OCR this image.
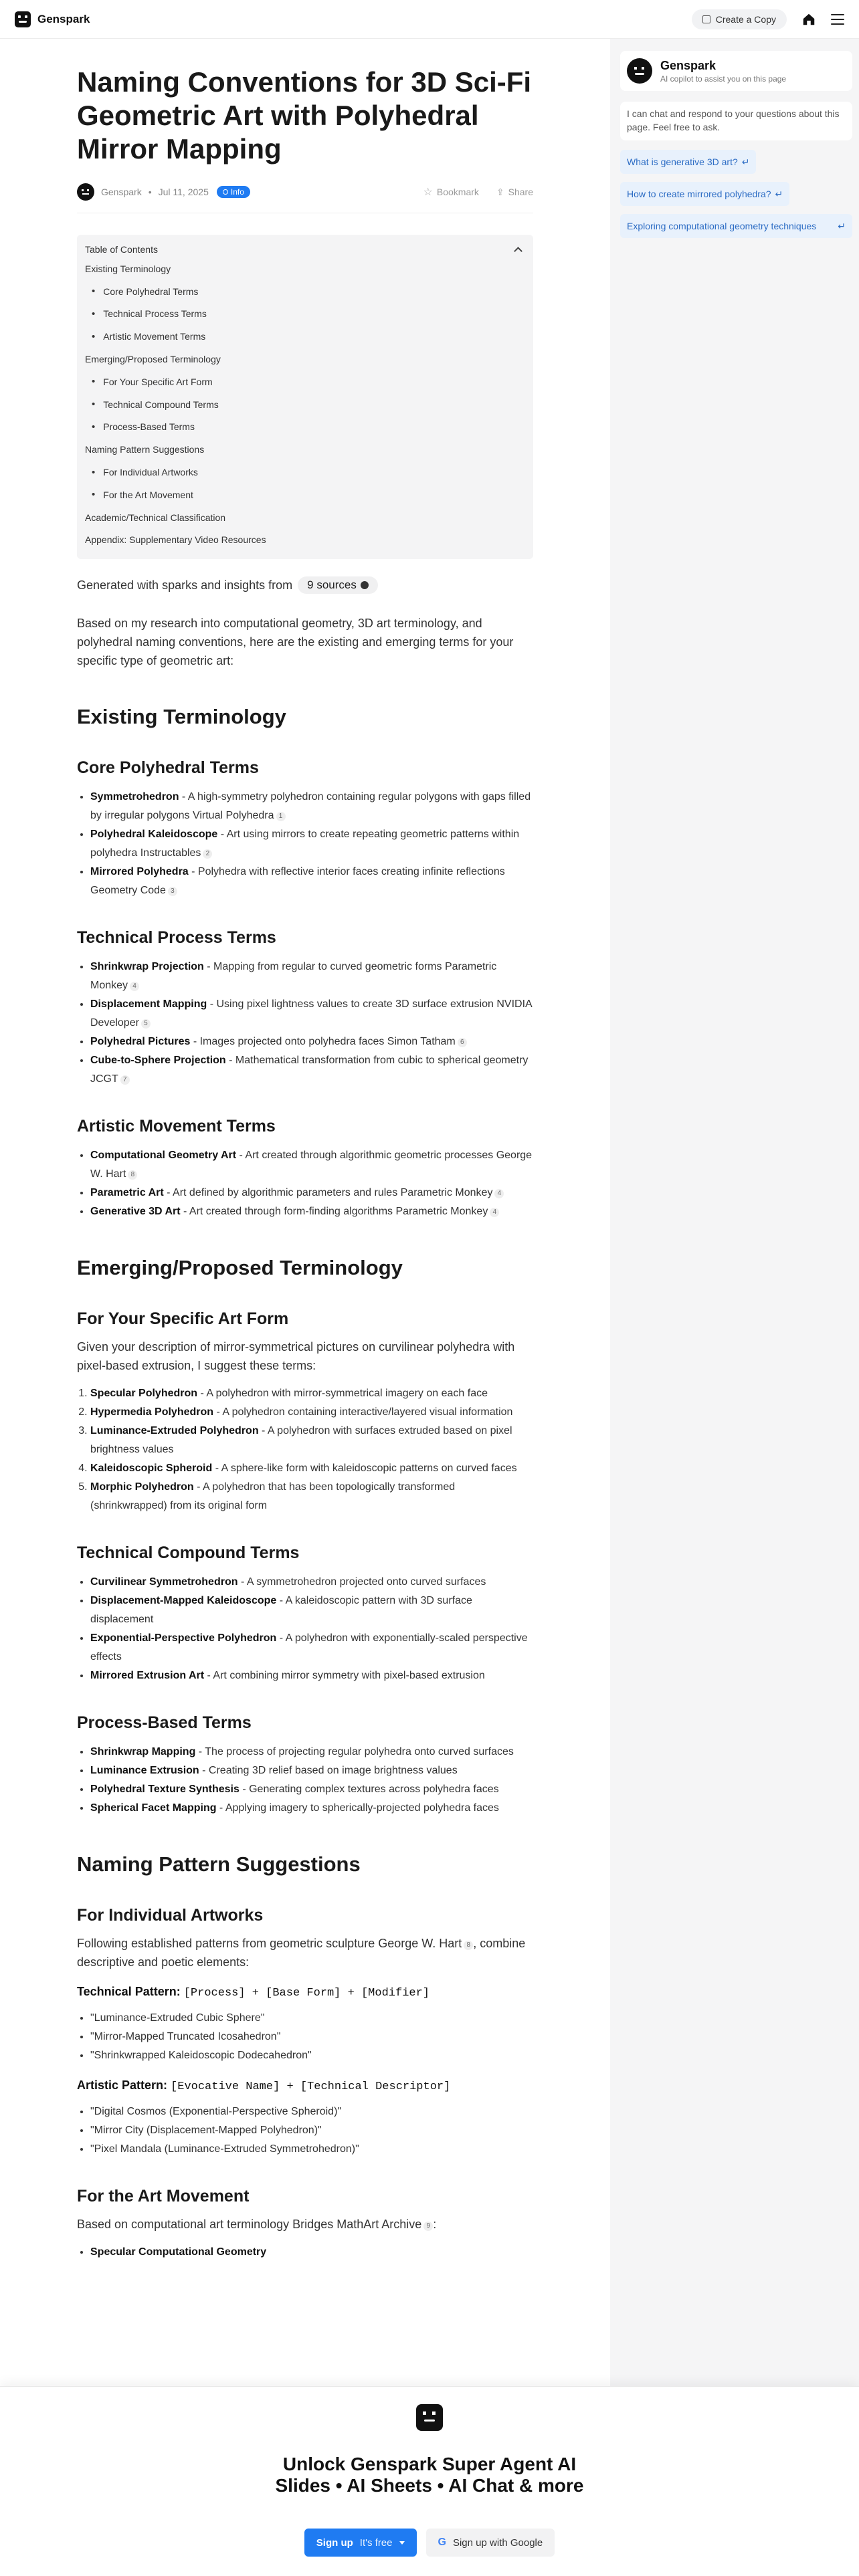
Genspark	Create a Copy
Naming Conventions for 3D Sci-Fi Geometric Art with Polyhedral Mirror Mapping
Genspark • Jul 11, 2025	Info	☆ Bookmark ⇪ Share
Table of Contents
Existing Terminology
• Core Polyhedral Terms
• Technical Process Terms
• Artistic Movement Terms
Emerging/Proposed Terminology
• For Your Specific Art Form
• Technical Compound Terms
• Process-Based Terms
Naming Pattern Suggestions
• For Individual Artworks
• For the Art Movement
Academic/Technical Classification
Appendix: Supplementary Video Resources
Generated with sparks and insights from 9 sources

Based on my research into computational geometry, 3D art terminology, and polyhedral naming conventions, here are the existing and emerging terms for your specific type of geometric art:

Existing Terminology
Core Polyhedral Terms
• Symmetrohedron - A high-symmetry polyhedron containing regular polygons with gaps filled by irregular polygons Virtual Polyhedra 1
• Polyhedral Kaleidoscope - Art using mirrors to create repeating geometric patterns within polyhedra Instructables 2
• Mirrored Polyhedra - Polyhedra with reflective interior faces creating infinite reflections Geometry Code 3
Technical Process Terms
• Shrinkwrap Projection - Mapping from regular to curved geometric forms Parametric Monkey 4
• Displacement Mapping - Using pixel lightness values to create 3D surface extrusion NVIDIA Developer 5
• Polyhedral Pictures - Images projected onto polyhedra faces Simon Tatham 6
• Cube-to-Sphere Projection - Mathematical transformation from cubic to spherical geometry JCGT 7
Artistic Movement Terms
• Computational Geometry Art - Art created through algorithmic geometric processes George W. Hart 8
• Parametric Art - Art defined by algorithmic parameters and rules Parametric Monkey 4
• Generative 3D Art - Art created through form-finding algorithms Parametric Monkey 4
Emerging/Proposed Terminology
For Your Specific Art Form

Given your description of mirror-symmetrical pictures on curvilinear polyhedra with pixel-based extrusion, I suggest these terms:

1. Specular Polyhedron - A polyhedron with mirror-symmetrical imagery on each face
2. Hypermedia Polyhedron - A polyhedron containing interactive/layered visual information
3. Luminance-Extruded Polyhedron - A polyhedron with surfaces extruded based on pixel brightness values
4. Kaleidoscopic Spheroid - A sphere-like form with kaleidoscopic patterns on curved faces
5. Morphic Polyhedron - A polyhedron that has been topologically transformed (shrinkwrapped) from its original form
Technical Compound Terms
• Curvilinear Symmetrohedron - A symmetrohedron projected onto curved surfaces
• Displacement-Mapped Kaleidoscope - A kaleidoscopic pattern with 3D surface displacement
• Exponential-Perspective Polyhedron - A polyhedron with exponentially-scaled perspective effects
• Mirrored Extrusion Art - Art combining mirror symmetry with pixel-based extrusion
Process-Based Terms
• Shrinkwrap Mapping - The process of projecting regular polyhedra onto curved surfaces
• Luminance Extrusion - Creating 3D relief based on image brightness values
• Polyhedral Texture Synthesis - Generating complex textures across polyhedra faces
• Spherical Facet Mapping - Applying imagery to spherically-projected polyhedra faces
Naming Pattern Suggestions
For Individual Artworks

Following established patterns from geometric sculpture George W. Hart 8 , combine descriptive and poetic elements:

Technical Pattern: [Process] + [Base Form] + [Modifier]

• "Luminance-Extruded Cubic Sphere"
• "Mirror-Mapped Truncated Icosahedron"
• "Shrinkwrapped Kaleidoscopic Dodecahedron"

Artistic Pattern: [Evocative Name] + [Technical Descriptor]

• "Digital Cosmos (Exponential-Perspective Spheroid)"
• "Mirror City (Displacement-Mapped Polyhedron)"
• "Pixel Mandala (Luminance-Extruded Symmetrohedron)"
For the Art Movement

Based on computational art terminology Bridges MathArt Archive 9 :

• Specular Computational Geometry
Genspark
AI copilot to assist you on this page
I can chat and respond to your questions about this page. Feel free to ask.
What is generative 3D art? ↵
How to create mirrored polyhedra? ↵
Exploring computational geometry techniques	↵
Unlock Genspark Super Agent AI Slides • AI Sheets • AI Chat & more
Sign up It's free	G Sign up with Google
